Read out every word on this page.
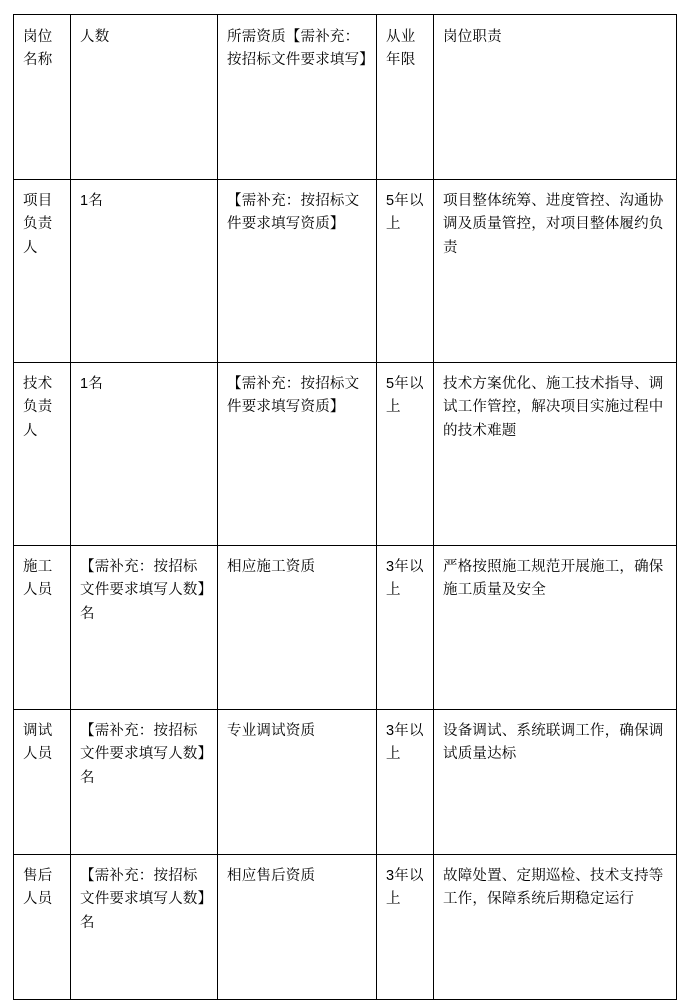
岗位名称	人数	所需资质【需补充：按招标文件要求填写】	从业年限	岗位职责

项目负责人	1名	【需补充：按招标文件要求填写资质】	5年以上	项目整体统筹、进度管控、沟通协调及质量管控，对项目整体履约负责

技术负责人	1名	【需补充：按招标文件要求填写资质】	5年以上	技术方案优化、施工技术指导、调试工作管控，解决项目实施过程中的技术难题

施工人员	【需补充：按招标文件要求填写人数】名	相应施工资质	3年以上	严格按照施工规范开展施工，确保施工质量及安全

调试人员	【需补充：按招标文件要求填写人数】名	专业调试资质	3年以上	设备调试、系统联调工作，确保调试质量达标

售后人员	【需补充：按招标文件要求填写人数】名	相应售后资质	3年以上	故障处置、定期巡检、技术支持等工作，保障系统后期稳定运行
